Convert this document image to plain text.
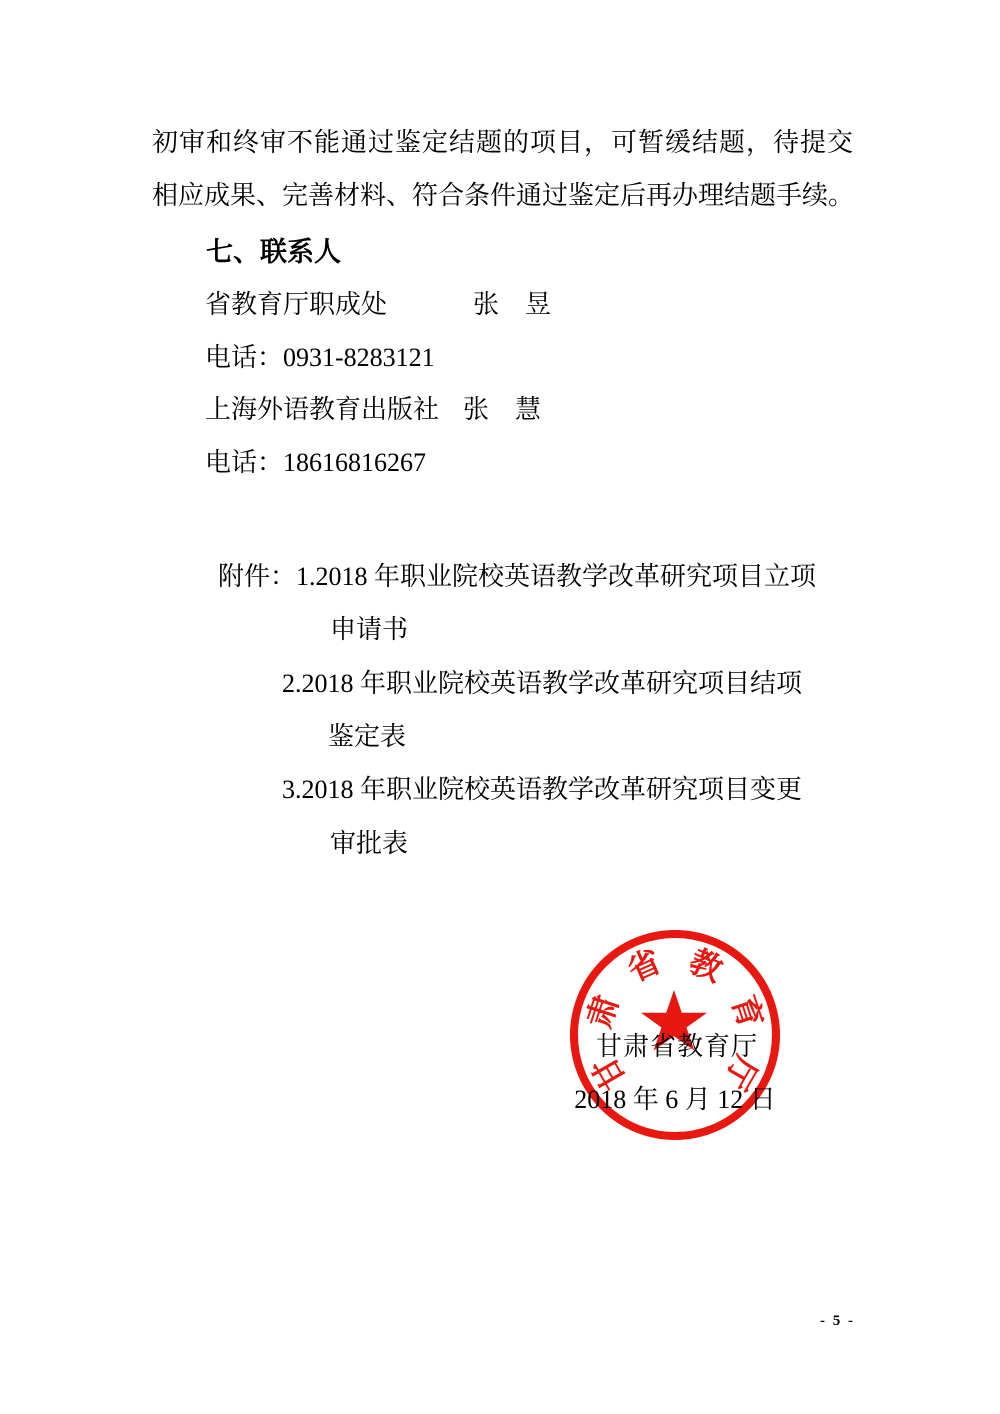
初审和终审不能通过鉴定结题的项目，可暂缓结题，待提交
相应成果、完善材料、符合条件通过鉴定后再办理结题手续。
七、联系人
省教育厅职成处	张　昱
电话：0931-8283121
上海外语教育出版社 张　慧
电话：18616816267
附件：1.2018 年职业院校英语教学改革研究项目立项
申请书
2.2018 年职业院校英语教学改革研究项目结项
鉴定表
3.2018 年职业院校英语教学改革研究项目变更
审批表
甘肃省教育厅
2018 年 6 月 12 日
甘
肃
省 教
育
厅
- 5 -
